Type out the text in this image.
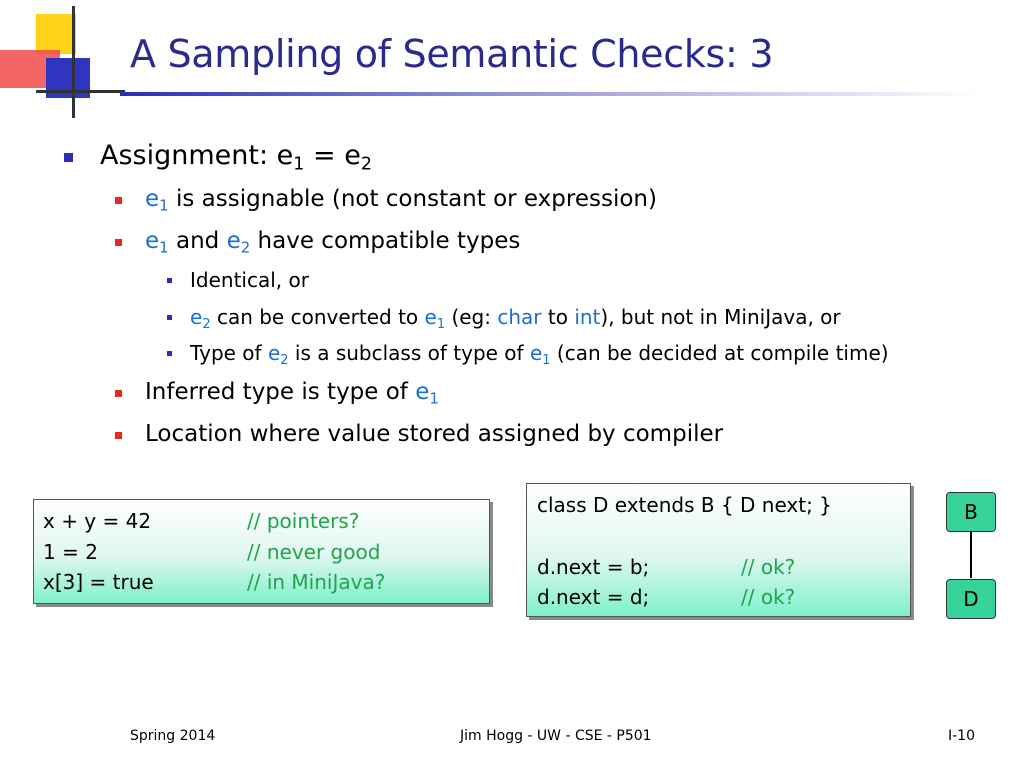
A Sampling of Semantic Checks: 3
Assignment: $e_1 = e_2$
$e_1$ is assignable (not constant or expression)
$e_1$ and $e_2$ have compatible types
Identical, or
$e_2$ can be converted to $e_1$ (eg: char to int), but not in MiniJava, or
Type of $e_2$ is a subclass of type of $e_1$ (can be decided at compile time)
Inferred type is type of $e_1$
Location where value stored assigned by compiler
x + y = 42	// pointers?
1 = 2	// never good
x[3] = true	// in MiniJava?
class D extends B { D next; }
d.next = b;	// ok?
d.next = d;	// ok?
B
D
Spring 2014	Jim Hogg - UW - CSE - P501	I-10
